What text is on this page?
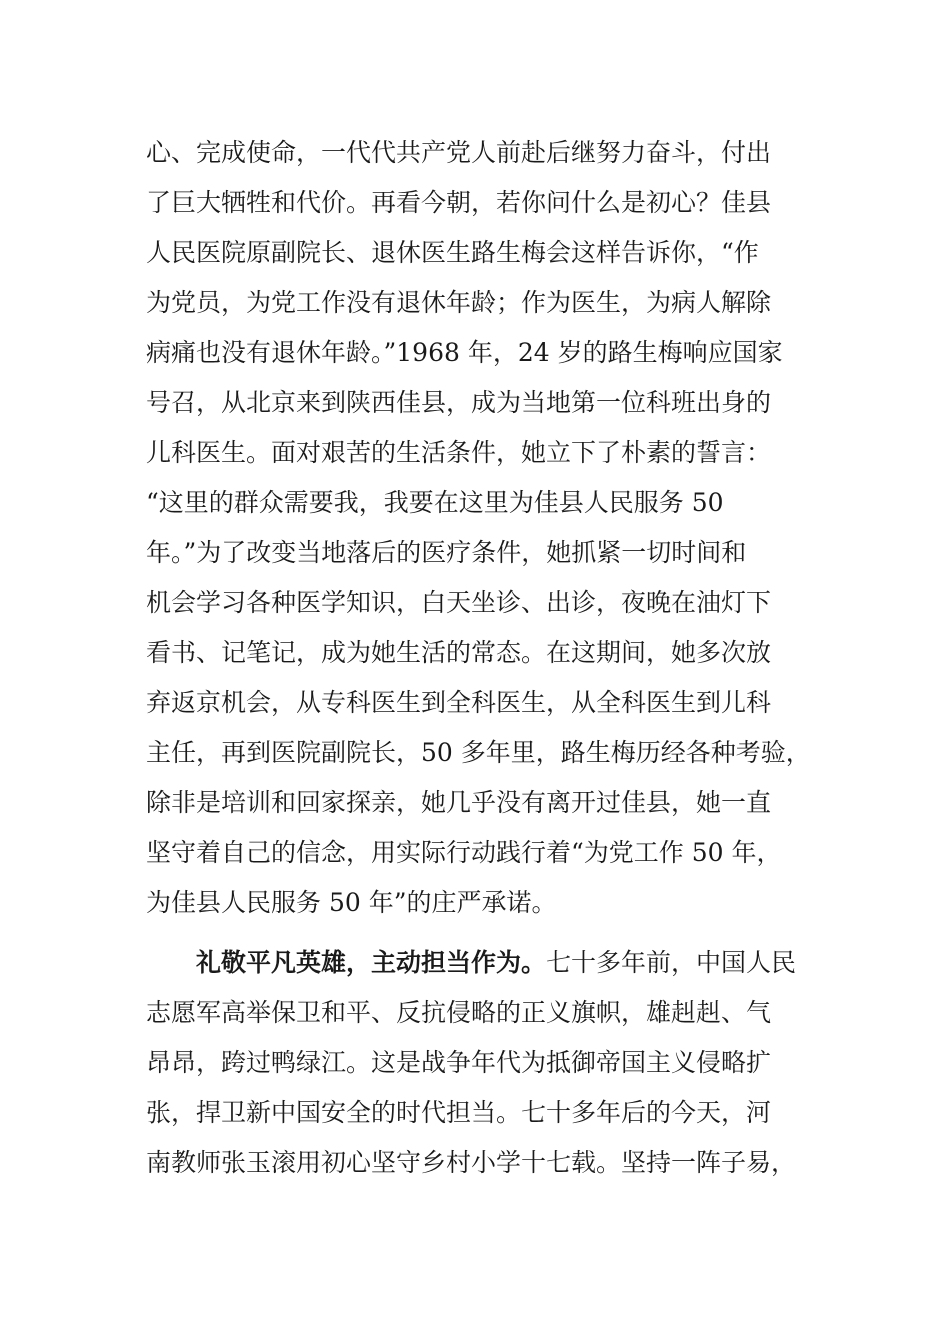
心、完成使命，一代代共产党人前赴后继努力奋斗，付出
了巨大牺牲和代价。再看今朝，若你问什么是初心？佳县
人民医院原副院长、退休医生路生梅会这样告诉你，“作
为党员，为党工作没有退休年龄；作为医生，为病人解除
病痛也没有退休年龄。”1968 年，24 岁的路生梅响应国家
号召，从北京来到陕西佳县，成为当地第一位科班出身的
儿科医生。面对艰苦的生活条件，她立下了朴素的誓言：
“这里的群众需要我，我要在这里为佳县人民服务 50
年。”为了改变当地落后的医疗条件，她抓紧一切时间和
机会学习各种医学知识，白天坐诊、出诊，夜晚在油灯下
看书、记笔记，成为她生活的常态。在这期间，她多次放
弃返京机会，从专科医生到全科医生，从全科医生到儿科
主任，再到医院副院长，50 多年里，路生梅历经各种考验，
除非是培训和回家探亲，她几乎没有离开过佳县，她一直
坚守着自己的信念，用实际行动践行着“为党工作 50 年，
为佳县人民服务 50 年”的庄严承诺。
礼敬平凡英雄，主动担当作为。七十多年前，中国人民
志愿军高举保卫和平、反抗侵略的正义旗帜，雄赳赳、气
昂昂，跨过鸭绿江。这是战争年代为抵御帝国主义侵略扩
张，捍卫新中国安全的时代担当。七十多年后的今天，河
南教师张玉滚用初心坚守乡村小学十七载。坚持一阵子易，
